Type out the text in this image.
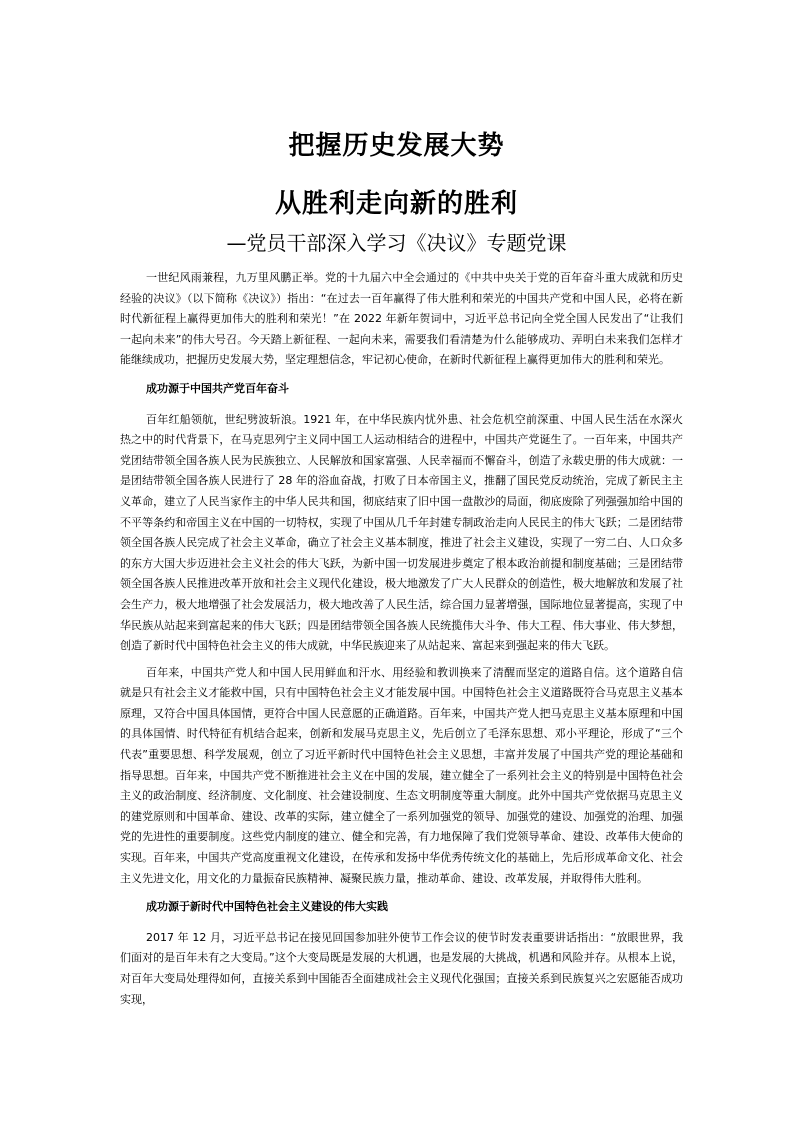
把握历史发展大势
从胜利走向新的胜利
—党员干部深入学习《决议》专题党课

一世纪风雨兼程，九万里风鹏正举。党的十九届六中全会通过的《中共中央关于党的百年奋斗重大成就和历史经验的决议》（以下简称《决议》）指出：“在过去一百年赢得了伟大胜利和荣光的中国共产党和中国人民，必将在新时代新征程上赢得更加伟大的胜利和荣光！”在 2022 年新年贺词中，习近平总书记向全党全国人民发出了“让我们一起向未来”的伟大号召。今天踏上新征程、一起向未来，需要我们看清楚为什么能够成功、弄明白未来我们怎样才能继续成功，把握历史发展大势，坚定理想信念，牢记初心使命，在新时代新征程上赢得更加伟大的胜利和荣光。

成功源于中国共产党百年奋斗

百年红船领航，世纪劈波斩浪。1921 年，在中华民族内忧外患、社会危机空前深重、中国人民生活在水深火热之中的时代背景下，在马克思列宁主义同中国工人运动相结合的进程中，中国共产党诞生了。一百年来，中国共产党团结带领全国各族人民为民族独立、人民解放和国家富强、人民幸福而不懈奋斗，创造了永载史册的伟大成就：一是团结带领全国各族人民进行了 28 年的浴血奋战，打败了日本帝国主义，推翻了国民党反动统治，完成了新民主主义革命，建立了人民当家作主的中华人民共和国，彻底结束了旧中国一盘散沙的局面，彻底废除了列强强加给中国的不平等条约和帝国主义在中国的一切特权，实现了中国从几千年封建专制政治走向人民民主的伟大飞跃；二是团结带领全国各族人民完成了社会主义革命，确立了社会主义基本制度，推进了社会主义建设，实现了一穷二白、人口众多的东方大国大步迈进社会主义社会的伟大飞跃，为新中国一切发展进步奠定了根本政治前提和制度基础；三是团结带领全国各族人民推进改革开放和社会主义现代化建设，极大地激发了广大人民群众的创造性，极大地解放和发展了社会生产力，极大地增强了社会发展活力，极大地改善了人民生活，综合国力显著增强，国际地位显著提高，实现了中华民族从站起来到富起来的伟大飞跃；四是团结带领全国各族人民统揽伟大斗争、伟大工程、伟大事业、伟大梦想，创造了新时代中国特色社会主义的伟大成就，中华民族迎来了从站起来、富起来到强起来的伟大飞跃。

百年来，中国共产党人和中国人民用鲜血和汗水、用经验和教训换来了清醒而坚定的道路自信。这个道路自信就是只有社会主义才能救中国，只有中国特色社会主义才能发展中国。中国特色社会主义道路既符合马克思主义基本原理，又符合中国具体国情，更符合中国人民意愿的正确道路。百年来，中国共产党人把马克思主义基本原理和中国的具体国情、时代特征有机结合起来，创新和发展马克思主义，先后创立了毛泽东思想、邓小平理论，形成了“三个代表”重要思想、科学发展观，创立了习近平新时代中国特色社会主义思想，丰富并发展了中国共产党的理论基础和指导思想。百年来，中国共产党不断推进社会主义在中国的发展，建立健全了一系列社会主义的特别是中国特色社会主义的政治制度、经济制度、文化制度、社会建设制度、生态文明制度等重大制度。此外中国共产党依据马克思主义的建党原则和中国革命、建设、改革的实际，建立健全了一系列加强党的领导、加强党的建设、加强党的治理、加强党的先进性的重要制度。这些党内制度的建立、健全和完善，有力地保障了我们党领导革命、建设、改革伟大使命的实现。百年来，中国共产党高度重视文化建设，在传承和发扬中华优秀传统文化的基础上，先后形成革命文化、社会主义先进文化，用文化的力量振奋民族精神、凝聚民族力量，推动革命、建设、改革发展，并取得伟大胜利。

成功源于新时代中国特色社会主义建设的伟大实践

2017 年 12 月，习近平总书记在接见回国参加驻外使节工作会议的使节时发表重要讲话指出：“放眼世界，我们面对的是百年未有之大变局。”这个大变局既是发展的大机遇，也是发展的大挑战，机遇和风险并存。从根本上说，对百年大变局处理得如何，直接关系到中国能否全面建成社会主义现代化强国；直接关系到民族复兴之宏愿能否成功实现，
